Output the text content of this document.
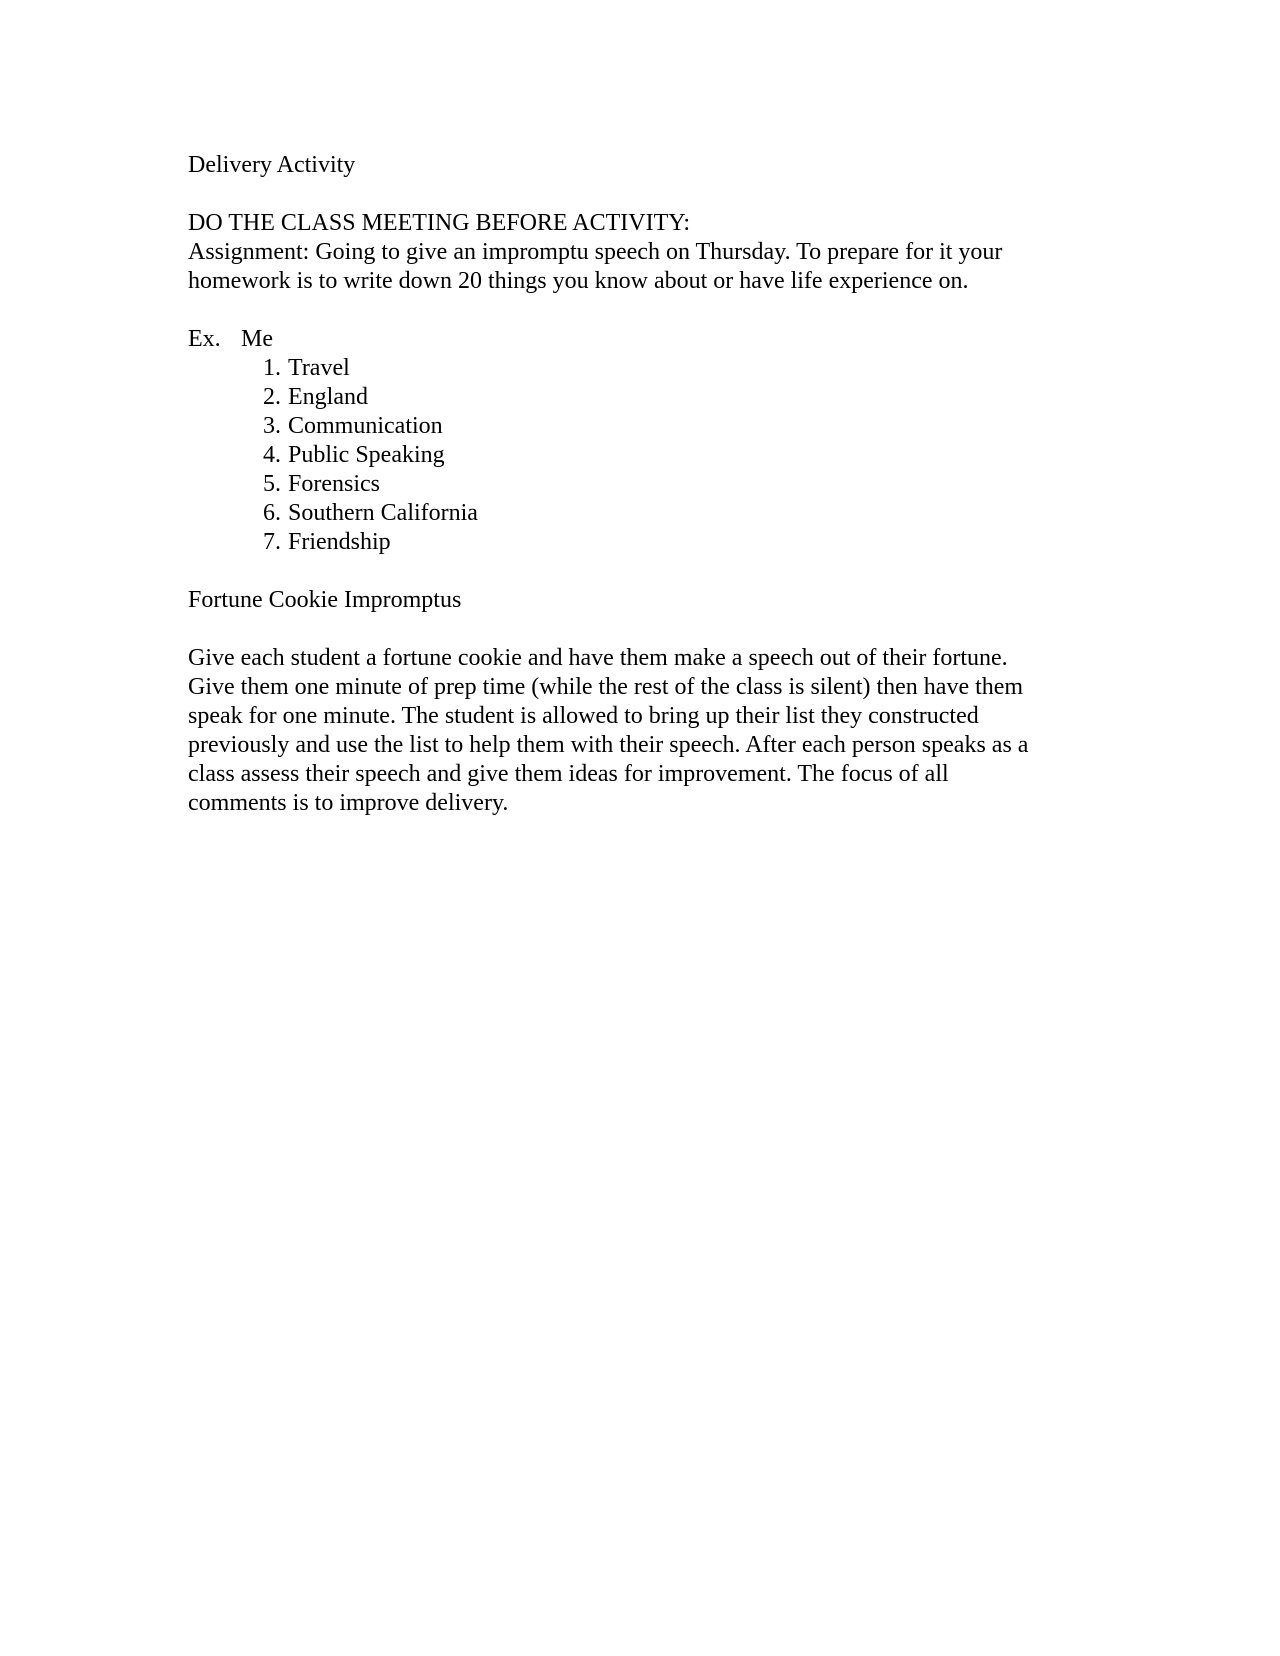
Delivery Activity

DO THE CLASS MEETING BEFORE ACTIVITY:

Assignment: Going to give an impromptu speech on Thursday. To prepare for it your

homework is to write down 20 things you know about or have life experience on.

Ex. Me
1. Travel
2. England
3. Communication
4. Public Speaking
5. Forensics
6. Southern California
7. Friendship

Fortune Cookie Impromptus

Give each student a fortune cookie and have them make a speech out of their fortune.
Give them one minute of prep time (while the rest of the class is silent) then have them
speak for one minute. The student is allowed to bring up their list they constructed
previously and use the list to help them with their speech. After each person speaks as a
class assess their speech and give them ideas for improvement. The focus of all
comments is to improve delivery.
